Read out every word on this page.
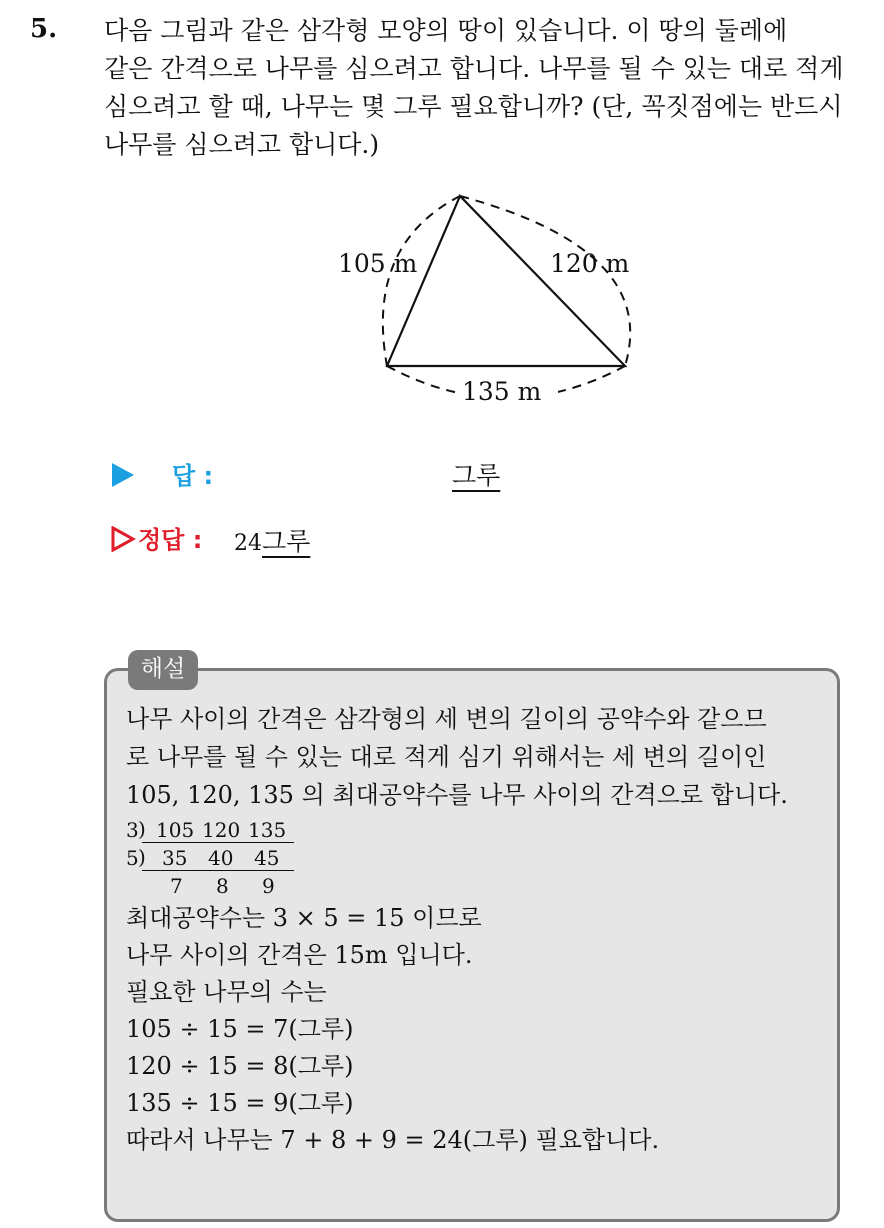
5. 다음 그림과 같은 삼각형 모양의 땅이 있습니다. 이 땅의 둘레에
같은 간격으로 나무를 심으려고 합니다. 나무를 될 수 있는 대로 적게
심으려고 할 때, 나무는 몇 그루 필요합니까? (단, 꼭짓점에는 반드시
나무를 심으려고 합니다.)
105 m	120 m
135 m
답 :	그루
정답 : 24그루
해설
나무 사이의 간격은 삼각형의 세 변의 길이의 공약수와 같으므
로 나무를 될 수 있는 대로 적게 심기 위해서는 세 변의 길이인
105, 120, 135 의 최대공약수를 나무 사이의 간격으로 합니다.
3 ) 105 120 135
5 ) 35 40 45
7 8 9
최대공약수는 3 × 5 = 15 이므로
나무 사이의 간격은 15m 입니다.
필요한 나무의 수는
105 ÷ 15 = 7(그루)
120 ÷ 15 = 8(그루)
135 ÷ 15 = 9(그루)
따라서 나무는 7 + 8 + 9 = 24(그루) 필요합니다.
